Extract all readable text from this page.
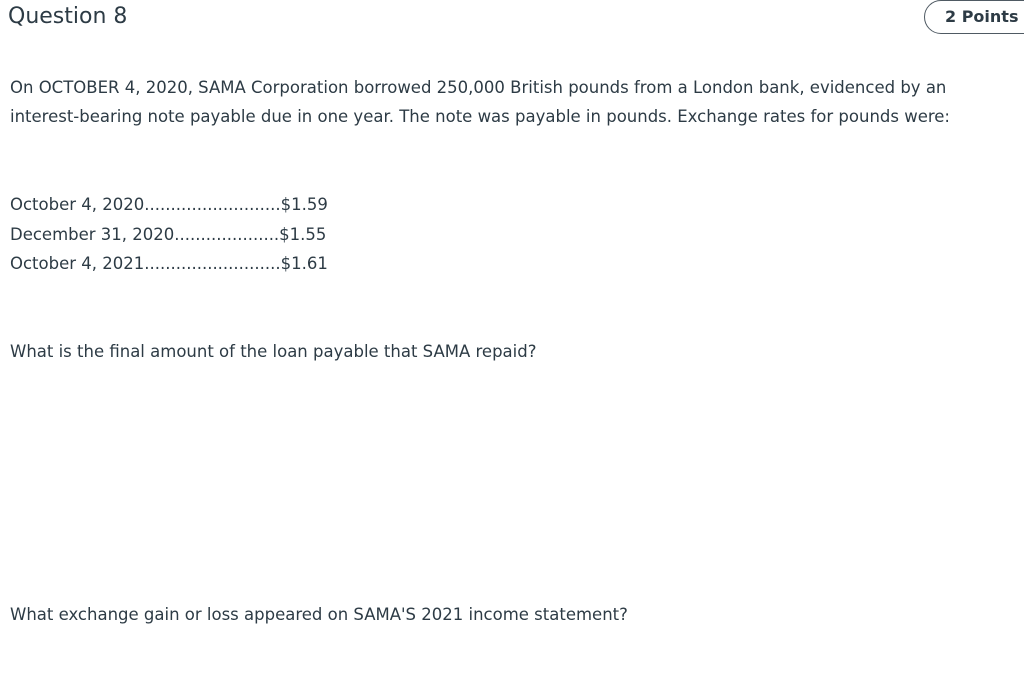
Question 8	2 Points

On OCTOBER 4, 2020, SAMA Corporation borrowed 250,000 British pounds from a London bank, evidenced by an interest-bearing note payable due in one year. The note was payable in pounds. Exchange rates for pounds were:

October 4, 2020..........................$1.59
December 31, 2020....................$1.55
October 4, 2021..........................$1.61

What is the final amount of the loan payable that SAMA repaid?

What exchange gain or loss appeared on SAMA'S 2021 income statement?
